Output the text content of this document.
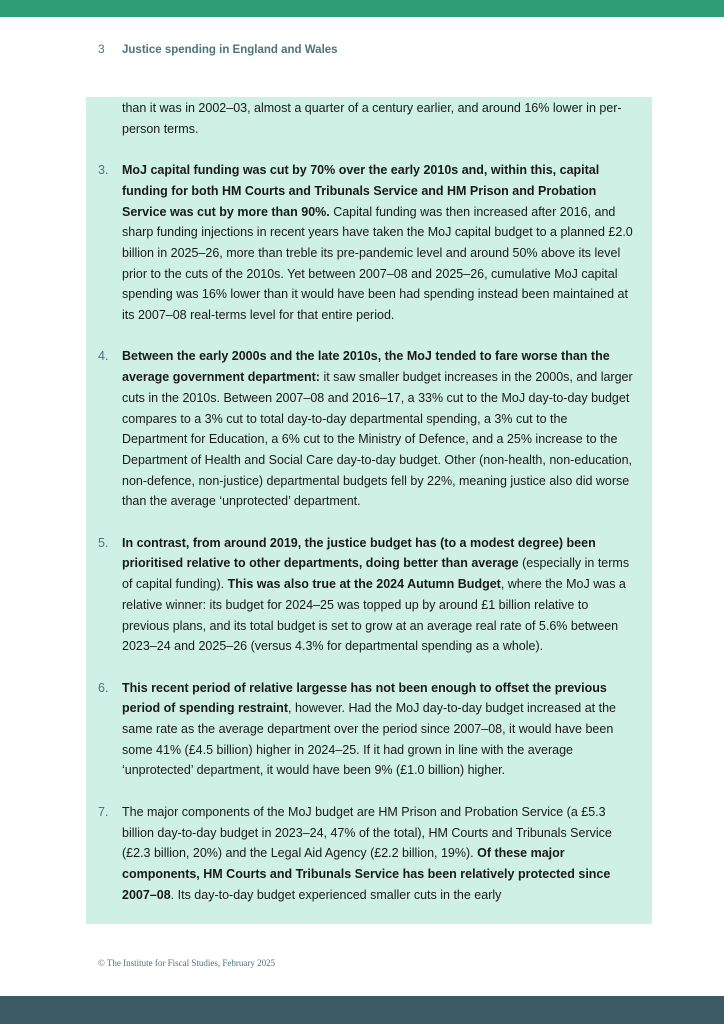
3	Justice spending in England and Wales

than it was in 2002–03, almost a quarter of a century earlier, and around 16% lower in per-person terms.

3. MoJ capital funding was cut by 70% over the early 2010s and, within this, capital funding for both HM Courts and Tribunals Service and HM Prison and Probation Service was cut by more than 90%. Capital funding was then increased after 2016, and sharp funding injections in recent years have taken the MoJ capital budget to a planned £2.0 billion in 2025–26, more than treble its pre-pandemic level and around 50% above its level prior to the cuts of the 2010s. Yet between 2007–08 and 2025–26, cumulative MoJ capital spending was 16% lower than it would have been had spending instead been maintained at its 2007–08 real-terms level for that entire period.

4. Between the early 2000s and the late 2010s, the MoJ tended to fare worse than the average government department: it saw smaller budget increases in the 2000s, and larger cuts in the 2010s. Between 2007–08 and 2016–17, a 33% cut to the MoJ day-to-day budget compares to a 3% cut to total day-to-day departmental spending, a 3% cut to the Department for Education, a 6% cut to the Ministry of Defence, and a 25% increase to the Department of Health and Social Care day-to-day budget. Other (non-health, non-education, non-defence, non-justice) departmental budgets fell by 22%, meaning justice also did worse than the average ‘unprotected’ department.

5. In contrast, from around 2019, the justice budget has (to a modest degree) been prioritised relative to other departments, doing better than average (especially in terms of capital funding). This was also true at the 2024 Autumn Budget, where the MoJ was a relative winner: its budget for 2024–25 was topped up by around £1 billion relative to previous plans, and its total budget is set to grow at an average real rate of 5.6% between 2023–24 and 2025–26 (versus 4.3% for departmental spending as a whole).

6. This recent period of relative largesse has not been enough to offset the previous period of spending restraint, however. Had the MoJ day-to-day budget increased at the same rate as the average department over the period since 2007–08, it would have been some 41% (£4.5 billion) higher in 2024–25. If it had grown in line with the average ‘unprotected’ department, it would have been 9% (£1.0 billion) higher.

7. The major components of the MoJ budget are HM Prison and Probation Service (a £5.3 billion day-to-day budget in 2023–24, 47% of the total), HM Courts and Tribunals Service (£2.3 billion, 20%) and the Legal Aid Agency (£2.2 billion, 19%). Of these major components, HM Courts and Tribunals Service has been relatively protected since 2007–08. Its day-to-day budget experienced smaller cuts in the early

© The Institute for Fiscal Studies, February 2025
